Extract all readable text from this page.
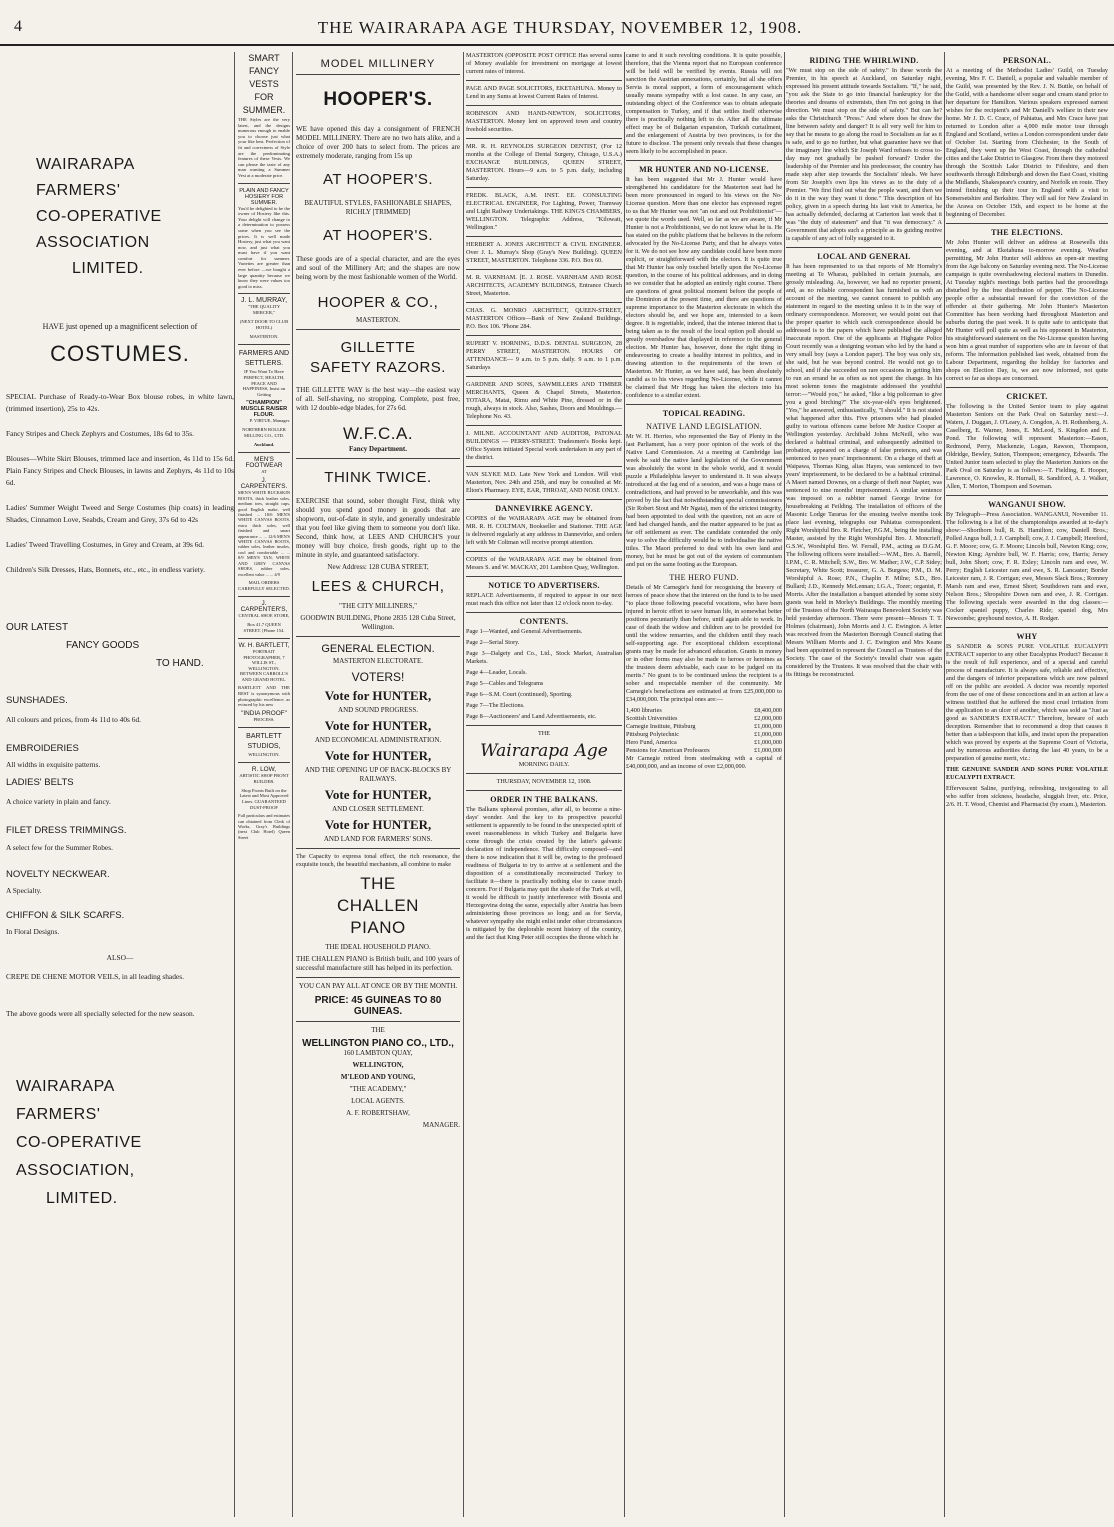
4	THE WAIRARAPA AGE THURSDAY, NOVEMBER 12, 1908.
WAIRARAPA
FARMERS'
CO-OPERATIVE
ASSOCIATION
LIMITED.

HAVE just opened up a magnificent selection of

COSTUMES.

SPECIAL Purchase of Ready-to-Wear Box blouse robes, in white lawn, (trimmed insertion), 25s to 42s.

Fancy Stripes and Check Zephyrs and Costumes, 18s 6d to 35s.

Blouses—White Skirt Blouses, trimmed lace and insertion, 4s 11d to 15s 6d. Plain Fancy Stripes and Check Blouses, in lawns and Zephyrs, 4s 11d to 10s 6d.

Ladies' Summer Weight Tweed and Serge Costumes (hip coats) in leading Shades, Cinnamon Love, Seabds, Cream and Grey, 37s 6d to 42s

Ladies' Tweed Travelling Costumes, in Grey and Cream, at 39s 6d.

Children's Silk Dresses, Hats, Bonnets, etc., etc., in endless variety.

OUR LATEST
FANCY GOODS
TO HAND.
SUNSHADES.

All colours and prices, from 4s 11d to 40s 6d.

EMBROIDERIES

All widths in exquisite patterns.

LADIES' BELTS

A choice variety in plain and fancy.

FILET DRESS TRIMMINGS.

A select few for the Summer Robes.

NOVELTY NECKWEAR.

A Specialty.

CHIFFON & SILK SCARFS.

In Floral Designs.

ALSO—

CREPE DE CHENE MOTOR VEILS, in all leading shades.

The above goods were all specially selected for the new season.

WAIRARAPA
FARMERS'
CO-OPERATIVE
ASSOCIATION,
LIMITED.
MODEL MILLINERY
HOOPER'S.

WE have opened this day a consignment of FRENCH MODEL MILLINERY. There are no two hats alike, and a choice of over 200 hats to select from. The prices are extremely moderate, ranging from 15s up

AT HOOPER'S.

BEAUTIFUL STYLES, FASHIONABLE SHAPES, RICHLY [TRIMMED]

AT HOOPER'S.

These goods are of a special character, and are the eyes and soul of the Millinery Art; and the shapes are now being worn by the most fashionable women of the World.

HOOPER & CO.,

MASTERTON.

GILLETTE
SAFETY RAZORS.

THE GILLETTE WAY is the best way—the easiest way of all. Self-shaving, no stropping. Complete, post free, with 12 double-edge blades, for 27s 6d.

W.F.C.A.

Fancy Department.

THINK TWICE.

EXERCISE that sound, sober thought First, think why should you spend good money in goods that are shopworn, out-of-date in style, and generally undesirable that you feel like giving them to someone you don't like. Second, think how, at LEES AND CHURCH'S your money will buy choice, fresh goods, right up to the minute in style, and guaranteed satisfactory.

New Address: 128 CUBA STREET,

LEES & CHURCH,

"THE CITY MILLINERS,"

GOODWIN BUILDING, Phone 2835 128 Cuba Street, Wellington.

GENERAL ELECTION.

MASTERTON ELECTORATE.

VOTERS!
Vote for HUNTER,

AND SOUND PROGRESS.

Vote for HUNTER,

AND ECONOMICAL ADMINISTRATION.

Vote for HUNTER,

AND THE OPENING UP OF BACK-BLOCKS BY RAILWAYS.

Vote for HUNTER,

AND CLOSER SETTLEMENT.

Vote for HUNTER,

AND LAND FOR FARMERS' SONS.

The Capacity to express tonal effect, the rich resonance, the exquisite touch, the beautiful mechanism, all combine to make

THE
CHALLEN
PIANO

THE IDEAL HOUSEHOLD PIANO.

THE CHALLEN PIANO is British built, and 100 years of successful manufacture still has helped in its perfection.

YOU CAN PAY ALL AT ONCE OR BY THE MONTH.

PRICE: 45 GUINEAS TO 80 GUINEAS.

THE

WELLINGTON PIANO CO., LTD.,

160 LAMBTON QUAY,

WELLINGTON,

M'LEOD AND YOUNG,

"THE ACADEMY,"

LOCAL AGENTS.

A. F. ROBERTSHAW,

MANAGER.

MASTERTON (OPPOSITE POST OFFICE Has several sums of Money available for investment on mortgage at lowest current rates of interest.

PAGE AND PAGE SOLICITORS, EKETAHUNA. Money to Lend in any Sums at lowest Current Rates of Interest.

ROBINSON AND HAND-NEWTON, SOLICITORS, MASTERTON. Money lent on approved town and country freehold securities.

MR. R. H. REYNOLDS SURGEON DENTIST, (For 12 months at the College of Dental Surgery, Chicago, U.S.A.) EXCHANGE BUILDINGS, QUEEN STREET, MASTERTON. Hours—9 a.m. to 5 p.m. daily, including Saturday.

FREDK. BLACK, A.M. INST. EE. CONSULTING ELECTRICAL ENGINEER, For Lighting, Power, Tramway and Light Railway Undertakings. THE KING'S CHAMBERS, WELLINGTON. Telegraphic Address, "Kilowatt, Wellington."

HERBERT A. JONES ARCHITECT & CIVIL ENGINEER. Over J. L. Murray's Shop (Gray's New Building). QUEEN STREET, MASTERTON. Telephone 336. P.O. Box 60.

M. R. VARNHAM. [E. J. ROSE. VARNHAM AND ROSE ARCHITECTS, ACADEMY BUILDINGS, Entrance Church Street, Masterton.

CHAS. G. MONRO ARCHITECT, QUEEN-STREET, MASTERTON Offices—Bank of New Zealand Buildings. P.O. Box 106. 'Phone 284.

RUPERT V. HORNING, D.D.S. DENTAL SURGEON, 28 PERRY STREET, MASTERTON. HOURS OF ATTENDANCE— 9 a.m. to 5 p.m. daily. 9 a.m. to 1 p.m. Saturdays

GARDNER AND SONS, SAWMILLERS AND TIMBER MERCHANTS, Queen & Chapel Streets, Masterton. TOTARA, Matai, Rimu and White Pine, dressed or in the rough, always in stock. Also, Sashes, Doors and Mouldings.—Telephone No. 43.

J. MILNE. ACCOUNTANT AND AUDITOR, PATONAL BUILDINGS — PERRY-STREET. Tradesmen's Books kept. Office System initiated Special work undertaken in any part of the district.

VAN SLYKE M.D. Late New York and London. Will visit Masterton, Nov. 24th and 25th, and may be consulted at Mr. Elton's Pharmacy. EYE, EAR, THROAT, AND NOSE ONLY.

DANNEVIRKE AGENCY.

COPIES of the WAIRARAPA AGE may be obtained from MR. R. H. COLTMAN, Bookseller and Stationer. THE AGE is delivered regularly at any address in Dannevirke, and orders left with Mr Coltman will receive prompt attention.

COPIES of the WAIRARAPA AGE may be obtained from Messrs S. and W. MACKAY, 201 Lambton Quay, Wellington.

NOTICE TO ADVERTISERS.

REPLACE Advertisements, if required to appear in our next must reach this office not later than 12 o'clock noon to-day.

CONTENTS.

Page 1—Wanted, and General Advertisements.

Page 2—Serial Story.

Page 3—Dalgety and Co., Ltd., Stock Market, Australian Markets.

Page 4—Leader, Locals.

Page 5—Cables and Telegrams

Page 6—S.M. Court (continued), Sporting.

Page 7—The Elections.

Page 8—Auctioneers' and Land Advertisements, etc.

THE

Wairarapa Age

MORNING DAILY.

THURSDAY, NOVEMBER 12, 1908.

ORDER IN THE BALKANS.

The Balkans upheaval promises, after all, to become a nine-days' wonder. And the key to its prospective peaceful settlement is apparently to be found in the unexpected spirit of sweet reasonableness in which Turkey and Bulgaria have come through the crisis created by the latter's galvanic declaration of independence. That difficulty composed—and there is now indication that it will be, owing to the professed readiness of Bulgaria to try to arrive at a settlement and the disposition of a constitutionally reconstructed Turkey to facilitate it—there is practically nothing else to cause much concern. For if Bulgaria may quit the shade of the Turk at will, it would be difficult to justify interference with Bosnia and Herzegovina doing the same, especially after Austria has been administering those provinces so long; and as for Servia, whatever sympathy she might enlist under other circumstances is mitigated by the deplorable recent history of the country, and the fact that King Peter still occupies the throne which he

came to and it such revolting conditions. It is quite possible, therefore, that the Vienna report that no European conference will be held will be verified by events. Russia will not sanction the Austrian annexations, certainly, but all she offers Servia is moral support, a form of encouragement which usually means sympathy with a lost cause. In any case, an outstanding object of the Conference was to obtain adequate compensation to Turkey, and if that settles itself otherwise there is practically nothing left to do. After all the ultimate effect may be of Bulgarian expansion, Turkish curtailment, and the enlargement of Austria by two provinces, is for the future to disclose. The present only reveals that these changes seem likely to be accomplished in peace.

MR HUNTER AND NO-LICENSE.

It has been suggested that Mr J. Hunter would have strengthened his candidature for the Masterton seat had he been more pronounced in regard to his views on the No-License question. More than one elector has expressed regret to us that Mr Hunter was not "an out and out Prohibitionist"—we quote the words used. Well, so far as we are aware, if Mr Hunter is not a Prohibitionist, we do not know what he is. He has stated on the public platform that he believes in the reform advocated by the No-License Party, and that he always votes for it. We do not see how any candidate could have been more explicit, or straightforward with the electors. It is quite true that Mr Hunter has only touched briefly upon the No-License question, in the course of his political addresses, and in doing so we consider that he adopted an entirely right course. There are questions of great political moment before the people of the Dominion at the present time, and there are questions of supreme importance to the Masterton electorate in which the electors should be, and we hope are, interested to a keen degree. It is regrettable, indeed, that the intense interest that is being taken as to the result of the local option poll should so greatly overshadow that displayed in reference to the general election. Mr Hunter has, however, done the right thing in endeavouring to create a healthy interest in politics, and in drawing attention to the requirements of the town of Masterton. Mr Hunter, as we have said, has been absolutely candid as to his views regarding No-License, while it cannot be claimed that Mr Hogg has taken the electors into his confidence to a similar extent.

TOPICAL READING.
NATIVE LAND LEGISLATION.

Mr W. H. Herries, who represented the Bay of Plenty in the last Parliament, has a very poor opinion of the work of the Native Land Commission. At a meeting at Cambridge last week he said the native land legislation of the Government was absolutely the worst in the whole world, and it would puzzle a Philadelphia lawyer to understand it. It was always introduced at the fag end of a session, and was a huge mass of contradictions, and had proved to be unworkable, and this was proved by the fact that notwithstanding special commissioners (Sir Robert Stout and Mr Ngata), men of the strictest integrity, had been appointed to deal with the question, not an acre of land had changed hands, and the matter appeared to be just as far off settlement as ever. The candidate contended the only way to solve the difficulty would be to individualise the native titles. The Maori preferred to deal with his own land and money, but he must be got out of the system of communism and put on the same footing as the European.

THE HERO FUND.

Details of Mr Carnegie's fund for recognising the bravery of heroes of peace show that the interest on the fund is to be used "to place those following peaceful vocations, who have been injured in heroic effort to save human life, in somewhat better positions pecuniarily than before, until again able to work. In case of death the widow and children are to be provided for until the widow remarries, and the children until they reach self-supporting age. For exceptional children exceptional grants may be made for advanced education. Grants in money or in other forms may also be made to heroes or heroines as the trustees deem advisable, each case to be judged on its merits." No grant is to be continued unless the recipient is a sober and respectable member of the community. Mr Carnegie's benefactions are estimated at from £25,000,000 to £34,000,000. The principal ones are:—

1,400 libraries	£8,400,000
Scottish Universities	£2,000,000
Carnegie Institute, Pittsburg	£1,000,000
Pittsburg Polytechnic	£1,000,000
Hero Fund, America	£1,000,000
Pensions for American Professors	£1,000,000

Mr Carnegie retired from steelmaking with a capital of £40,000,000, and an income of over £2,000,000.

RIDING THE WHIRLWIND.

"We must stop on the side of safety." In these words the Premier, in his speech at Auckland, on Saturday night, expressed his present attitude towards Socialism. "If," he said, "you ask the State to go into financial bankruptcy for the theories and dreams of extremists, then I'm not going in that direction. We must stop on the side of safety." But can he? asks the Christchurch "Press." And where does he draw the line between safety and danger? It is all very well for him to say that he means to go along the road to Socialism as far as it is safe, and to go no further, but what guarantee have we that the imaginary line which Sir Joseph Ward refuses to cross to-day may not gradually be pushed forward? Under the leadership of the Premier and his predecessor, the country has made step after step towards the Socialists' ideals. We have from Sir Joseph's own lips his views as to the duty of a Premier. "We first find out what the people want, and then we do it in the way they want it done." This description of his policy, given in a speech during his last visit to America, he has actually defended, declaring at Carterton last week that it was "the duty of statesmen" and that "it was democracy." A Government that adopts such a principle as its guiding motive is capable of any act of folly suggested to it.

LOCAL AND GENERAL

It has been represented to us that reports of Mr Hornsby's meeting at Te Wharau, published in certain journals, are grossly misleading. As, however, we had no reporter present, and, as no reliable correspondent has furnished us with an account of the meeting, we cannot consent to publish any statement in regard to the meeting unless it is in the way of ordinary correspondence. Moreover, we would point out that the proper quarter to which such correspondence should be addressed is to the papers which have published the alleged inaccurate report. One of the applicants at Highgate Police Court recently was a designing woman who led by the hand a very small boy (says a London paper). The boy was only six, she said, but he was beyond control. He would not go to school, and if she succeeded on rare occasions in getting him to run an errand he as often as not spent the change. In his most solemn tones the magistrate addressed the youthful terror:—"Would you," he asked, "like a big policeman to give you a good birching?" The six-year-old's eyes brightened. "Yes," he answered, enthusiastically, "I should." It is not stated what happened after this. Five prisoners who had pleaded guilty to various offences came before Mr Justice Cooper at Wellington yesterday. Archibald Johns McNeill, who was declared a habitual criminal, and subsequently admitted to probation, appeared on a charge of false pretences, and was sentenced to two years' imprisonment. On a charge of theft at Waipawa, Thomas King, alias Hayes, was sentenced to two years' imprisonment, to be declared to be a habitual criminal. A Maori named Downes, on a charge of theft near Napier, was sentenced to nine months' imprisonment. A similar sentence was imposed on a rabbiter named George Irvine for housebreaking at Feilding. The installation of officers of the Masonic Lodge Tararua for the ensuing twelve months took place last evening, telegraphs our Pahiatua correspondent. Right Worshipful Bro. R. Fletcher, P.G.M., being the installing Master, assisted by the Right Worshipful Bro. J. Moncrieff, G.S.W., Worshipful Bro. W. Ferrall, P.M., acting as D.G.M. The following officers were installed:—W.M., Bro. A. Barrell, I.P.M., C. R. Mitchell; S.W., Bro. W. Mather; J.W., C.P. Sidey; Secretary, White Scott; treasurer, G. A. Burgess; P.M., D. M. Worshipful A. Rose; P.N., Chaplin F. Milne; S.D., Bro. Bullard; J.D., Kennedy McLennan; I.G.A., Tozer; organist, F. Morris. After the installation a banquet attended by some sixty guests was held in Morley's Buildings. The monthly meeting of the Trustees of the North Wairarapa Benevolent Society was held yesterday afternoon. There were present—Messrs T. T. Holmes (chairman), John Morris and J. C. Ewington. A letter was received from the Masterton Borough Council stating that Messrs William Morris and J. C. Ewington and Mrs Keane had been appointed to represent the Council as Trustees of the Society. The case of the Society's invalid chair was again considered by the Trustees. It was resolved that the chair with its fittings be reconstructed.

PERSONAL.

At a meeting of the Methodist Ladies' Guild, on Tuesday evening, Mrs F. C. Daniell, a popular and valuable member of the Guild, was presented by the Rev. J. N. Buttle, on behalf of the Guild, with a handsome silver sugar and cream stand prior to her departure for Hamilton. Various speakers expressed earnest wishes for the recipient's and Mr Daniell's welfare in their new home. Mr J. D. C. Crace, of Pahiatua, and Mrs Crace have just returned to London after a 4,000 mile motor tour through England and Scotland, writes a London correspondent under date of October 1st. Starting from Chichester, in the South of England, they went up the West Coast, through the cathedral cities and the Lake District to Glasgow. From there they motored through the Scottish Lake District to Fifeshire, and then southwards through Edinburgh and down the East Coast, visiting the Midlands, Shakespeare's country, and Norfolk en route. They intend finishing up their tour in England with a visit to Somersetshire and Berkshire. They will sail for New Zealand in the Arawa on October 15th, and expect to be home at the beginning of December.

THE ELECTIONS.

Mr John Hunter will deliver an address at Rosewells this evening, and at Eketahuna to-morrow evening. Weather permitting, Mr John Hunter will address an open-air meeting from the Age balcony on Saturday evening next. The No-License campaign is quite overshadowing electoral matters in Dunedin. At Tuesday night's meetings both parties had the proceedings disturbed by the free distribution of pepper. The No-License people offer a substantial reward for the conviction of the offender at their gathering. Mr John Hunter's Masterton Committee has been working hard throughout Masterton and suburbs during the past week. It is quite safe to anticipate that Mr Hunter will poll quite as well as his opponent in Masterton, his straightforward statement on the No-License question having won him a great number of supporters who are in favour of that reform. The information published last week, obtained from the Labour Department, regarding the holiday for factories and shops on Election Day, is, we are now informed, not quite correct so far as shops are concerned.

CRICKET.

The following is the United Senior team to play against Masterton Seniors on the Park Oval on Saturday next:—J. Waters, J. Duggan, J. O'Leary, A. Congdon, A. H. Rothenberg, A. Caselberg, E. Warner, Jones, E. McLeod, S. Kingdon and E. Pond. The following will represent Masterton:—Eason, Redmond, Perry, Mackenzie, Logan, Rawson, Thompson, Oldridge, Bewley, Sutton, Thompson; emergency, Edwards. The United Junior team selected to play the Masterton Juniors on the Park Oval on Saturday is as follows:—T. Fielding, E. Hooper, Lawrence, O. Knowles, R. Hurnall, R. Sandiford, A. J. Walker, Allen, T. Morton, Thompson and Sowman.

WANGANUI SHOW.

By Telegraph—Press Association. WANGANUI, November 11. The following is a list of the championships awarded at to-day's show:—Shorthorn bull, R. B. Hamilton; cow, Daniell Bros.; Polled Angus bull, J. J. Campbell; cow, J. J. Campbell; Hereford, G. F. Moore; cow, G. F. Moore; Lincoln bull, Newton King; cow, Newton King; Ayrshire bull, W. F. Harris; cow, Harris; Jersey bull, John Short; cow, F. R. Exley; Lincoln ram and ewe, W. Perry; English Leicester ram and ewe, S. R. Lancaster; Border Leicester ram, J. R. Corrigan; ewe, Messrs Slack Bros.; Romney Marsh ram and ewe, Ernest Short; Southdown ram and ewe, Nelson Bros.; Shropshire Down ram and ewe, J. R. Corrigan. The following specials were awarded in the dog classes:—Cocker spaniel puppy, Charles Ride; spaniel dog, Mrs Newcombe; greyhound novice, A. H. Rodger.

WHY

IS SANDER & SONS PURE VOLATILE EUCALYPTI EXTRACT superior to any other Eucalyptus Product? Because it is the result of full experience, and of a special and careful process of manufacture. It is always safe, reliable and effective, and the dangers of inferior preparations which are now palmed off on the public are avoided. A doctor was recently reported from the use of one of these concoctions and in an action at law a witness testified that he suffered the most cruel irritation from the application to an ulcer of another, which was sold as "Just as good as SANDER'S EXTRACT." Therefore, beware of such deception. Remember that to recommend a drop that causes it better than a tablespoon that kills, and insist upon the preparation which was proved by experts at the Supreme Court of Victoria, and by numerous authorities during the last 40 years, to be a preparation of genuine merit, viz.:

THE GENUINE SANDER AND SONS PURE VOLATILE EUCALYPTI EXTRACT.

Effervescent Saline, purifying, refreshing, invigorating to all who suffer from sickness, headache, sluggish liver, etc. Price, 2/6. H. T. Wood, Chemist and Pharmacist (by exam.), Masterton.

SMART
FANCY
VESTS
FOR
SUMMER.

THE Styles are the very latest, and the designs numerous enough to enable you to choose just what your like best. Perfection of fit and correctness of Style are the predominating features of these Vests. We can please the taste of any man wanting a Summer Vest at a moderate price.

PLAIN AND FANCY HOSIERY FOR SUMMER.

You'd be delighted to be the owner of Hosiery like this. Your delight will change to a determination to possess some when you see the prices. It is well made Hosiery, just what you want now, and just what you must have if you want comfort for summer. Varieties are greater than ever before —we bought a large quantity because we know they were values too good to miss.

J. L. MURRAY,

"THE QUALITY MERCER,"

(NEXT DOOR TO CLUB HOTEL)

MASTERTON.

FARMERS AND
SETTLERS.

IF You Want To Have PERFECT, HEALTH, PEACE AND HAPPINESS, Insist on Getting

"CHAMPION" MUSCLE RAISER FLOUR.

P. VIRTUE, Manager.

NORTHERN ROLLER MILLING CO., LTD.

Auckland.

MEN'S FOOTWEAR

AT

J. CARPENTER'S.

MEN'S WHITE BUCKSKIN BOOTS, thick leather soles, medium toes, straight caps, good English make, well finished ... 18/6 MEN'S WHITE CANVAS BOOTS, extra thick soles, well finished and smart appearance ... ... 12/6 MEN'S WHITE CANVAS BOOTS, rubber soles, leather insoles, cool and comfortable ... ... 8/9 MEN'S TAN, WHITE AND GREY CANVAS SHOES, rubber soles, excellent value ... ... 4/9

MAIL ORDERS CAREFULLY SELECTED.

J. CARPENTER'S,

CENTRAL SHOE STORE,

Box 41,7 QUEEN STREET. [Phone 154.

W. H. BARTLETT,

PORTRAIT PHOTOGRAPHER, 7 WILLIS ST., WELLINGTON. BETWEEN CARROLL'S AND GRAND HOTEL.

BARTLETT AND THE BEST is synonymous with photographic excellence; as evinced by his new

"INDIA PROOF"

PROCESS.

BARTLETT
STUDIOS,

WELLINGTON.

R. LOW,

ARTISTIC SHOP FRONT BUILDER.

Shop Fronts Built on the Latest and Most Approved Lines. GUARANTEED DUST-PROOF

Full particulars and estimates can obtained from Clerk of Works, Gray's Buildings (next Club Hotel) Queen Street
